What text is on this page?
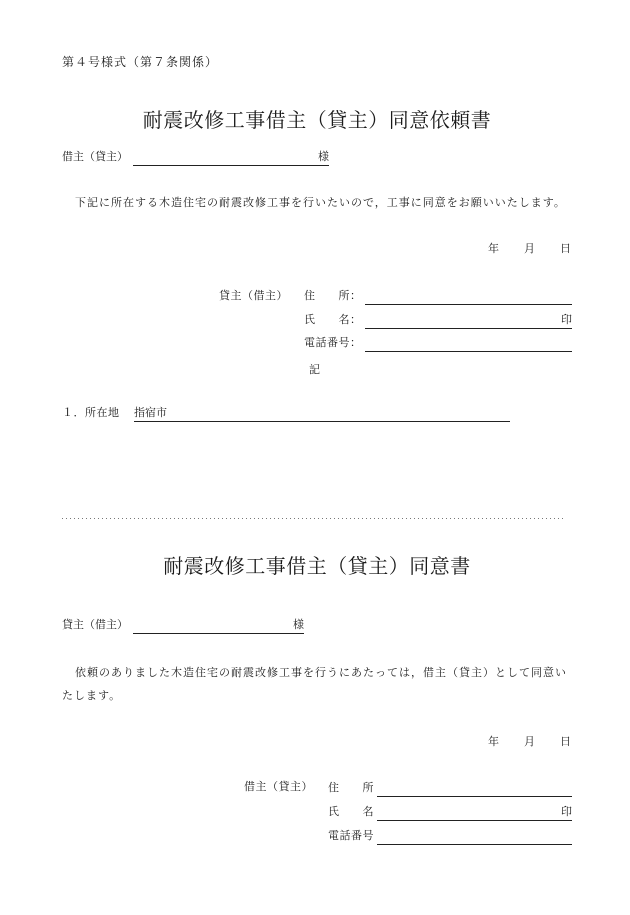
第４号様式（第７条関係）
耐震改修工事借主（貸主）同意依頼書
借主（貸主）	様
下記に所在する木造住宅の耐震改修工事を行いたいので，工事に同意をお願いいたします。
年　　月　　日
貸主（借主） 住　　所：
氏　　名：	印
電話番号：
記
１．所在地 指宿市
耐震改修工事借主（貸主）同意書
貸主（借主）	様
依頼のありました木造住宅の耐震改修工事を行うにあたっては，借主（貸主）として同意いたします。
年　　月　　日
借主（貸主） 住　　所
氏　　名	印
電話番号
